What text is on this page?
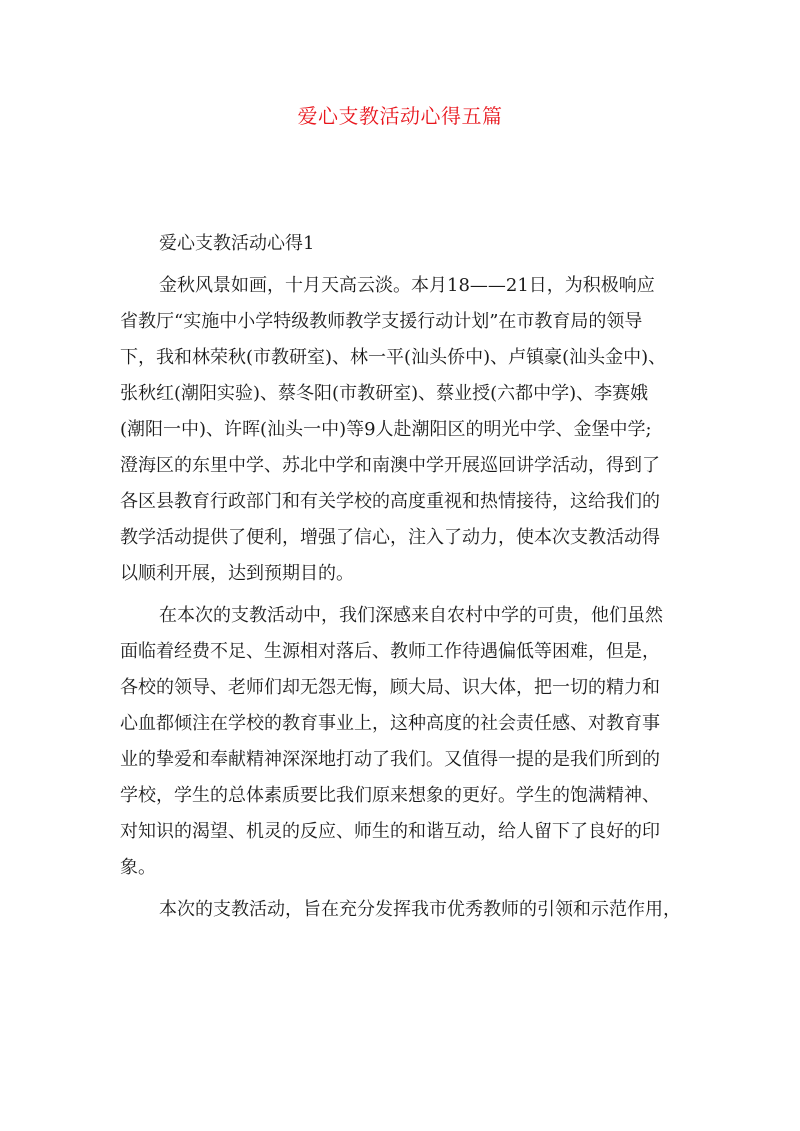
爱心支教活动心得五篇
爱心支教活动心得1
金秋风景如画，十月天高云淡。本月18——21日，为积极响应
省教厅“实施中小学特级教师教学支援行动计划”在市教育局的领导
下，我和林荣秋(市教研室)、林一平(汕头侨中)、卢镇豪(汕头金中)、
张秋红(潮阳实验)、蔡冬阳(市教研室)、蔡业授(六都中学)、李赛娥
(潮阳一中)、许晖(汕头一中)等9人赴潮阳区的明光中学、金堡中学;
澄海区的东里中学、苏北中学和南澳中学开展巡回讲学活动，得到了
各区县教育行政部门和有关学校的高度重视和热情接待，这给我们的
教学活动提供了便利，增强了信心，注入了动力，使本次支教活动得
以顺利开展，达到预期目的。
在本次的支教活动中，我们深感来自农村中学的可贵，他们虽然
面临着经费不足、生源相对落后、教师工作待遇偏低等困难，但是，
各校的领导、老师们却无怨无悔，顾大局、识大体，把一切的精力和
心血都倾注在学校的教育事业上，这种高度的社会责任感、对教育事
业的挚爱和奉献精神深深地打动了我们。又值得一提的是我们所到的
学校，学生的总体素质要比我们原来想象的更好。学生的饱满精神、
对知识的渴望、机灵的反应、师生的和谐互动，给人留下了良好的印
象。
本次的支教活动，旨在充分发挥我市优秀教师的引领和示范作用，
